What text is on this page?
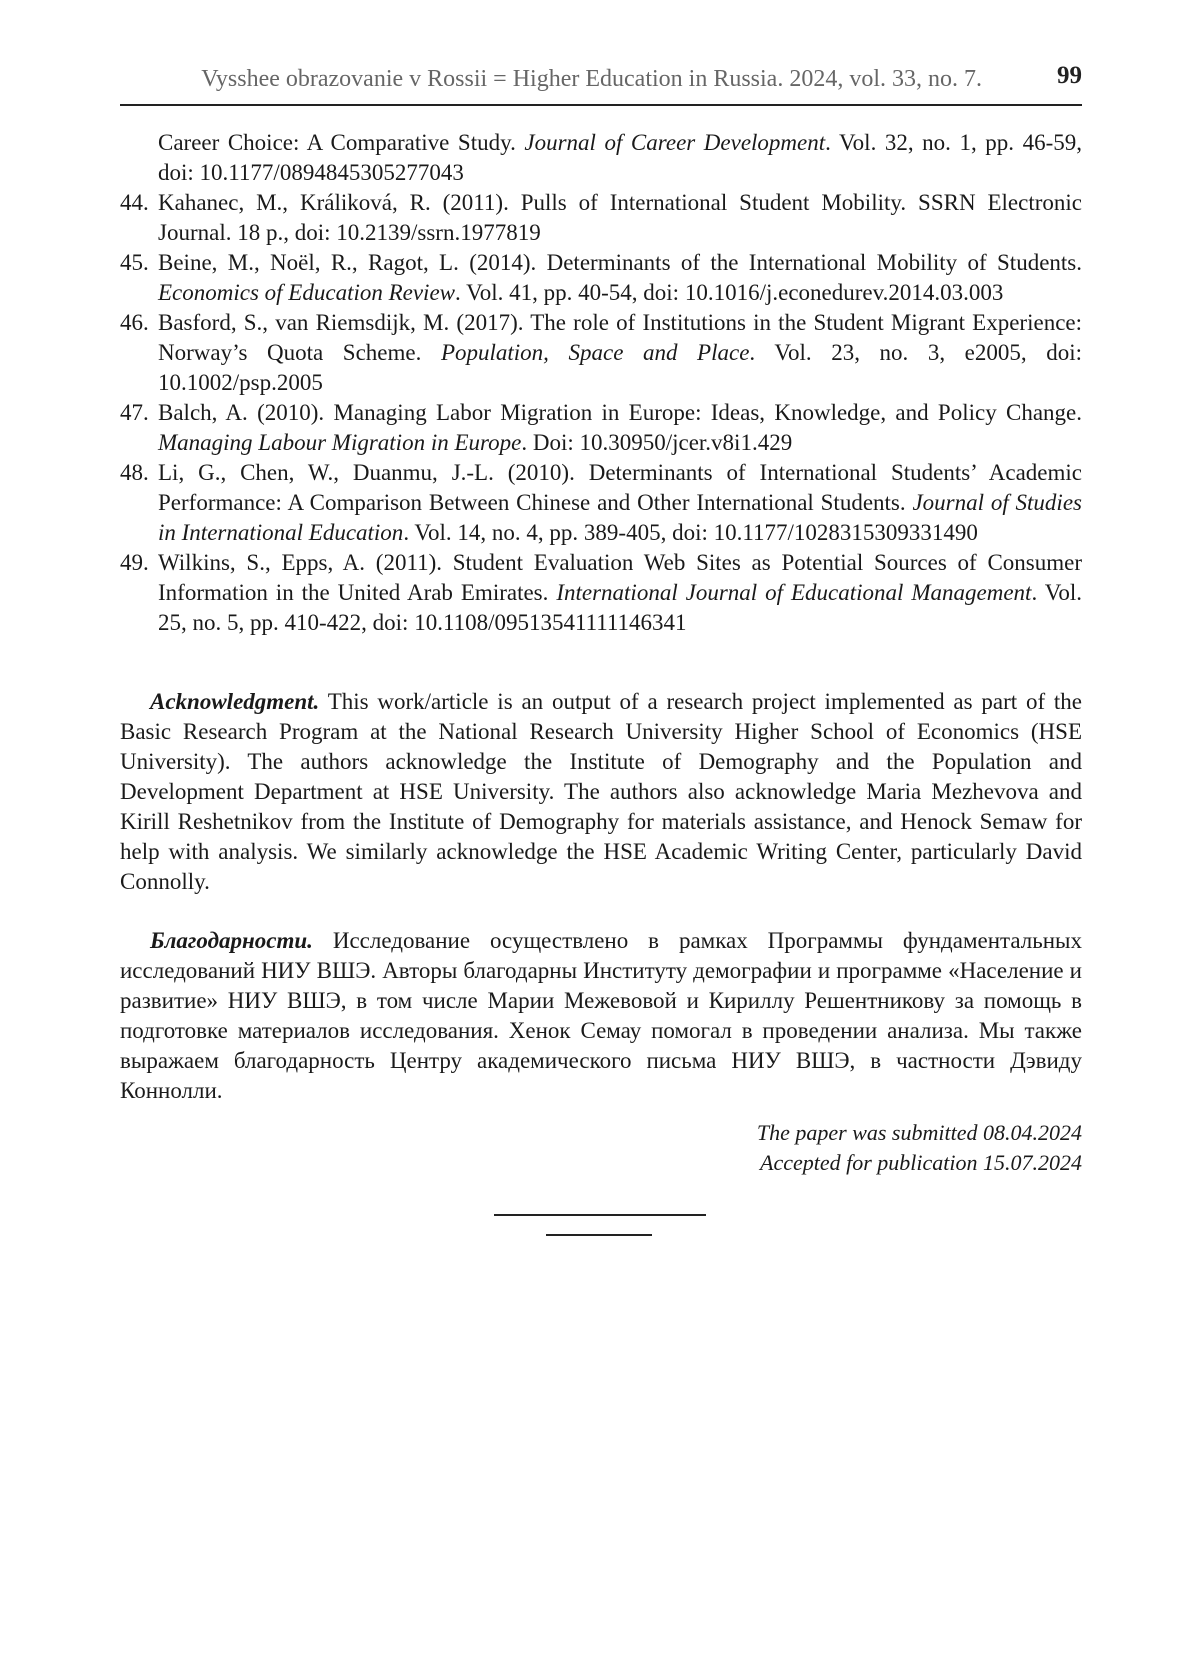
Vysshee obrazovanie v Rossii = Higher Education in Russia. 2024, vol. 33, no. 7.	99
Career Choice: A Comparative Study. Journal of Career Development. Vol. 32, no. 1, pp. 46-59, doi: 10.1177/0894845305277043
44. Kahanec, M., Králiková, R. (2011). Pulls of International Student Mobility. SSRN Electronic Journal. 18 p., doi: 10.2139/ssrn.1977819
45. Beine, M., Noël, R., Ragot, L. (2014). Determinants of the International Mobility of Students. Economics of Education Review. Vol. 41, pp. 40-54, doi: 10.1016/j.econedurev.2014.03.003
46. Basford, S., van Riemsdijk, M. (2017). The role of Institutions in the Student Migrant Experience: Norway’s Quota Scheme. Population, Space and Place. Vol. 23, no. 3, e2005, doi: 10.1002/psp.2005
47. Balch, A. (2010). Managing Labor Migration in Europe: Ideas, Knowledge, and Policy Change. Managing Labour Migration in Europe. Doi: 10.30950/jcer.v8i1.429
48. Li, G., Chen, W., Duanmu, J.-L. (2010). Determinants of International Students’ Academic Performance: A Comparison Between Chinese and Other International Students. Journal of Studies in International Education. Vol. 14, no. 4, pp. 389-405, doi: 10.1177/1028315309331490
49. Wilkins, S., Epps, A. (2011). Student Evaluation Web Sites as Potential Sources of Consumer Information in the United Arab Emirates. International Journal of Educational Management. Vol. 25, no. 5, pp. 410-422, doi: 10.1108/09513541111146341

Acknowledgment. This work/article is an output of a research project implemented as part of the Basic Research Program at the National Research University Higher School of Economics (HSE University). The authors acknowledge the Institute of Demography and the Population and Development Department at HSE University. The authors also acknowledge Maria Mezhevova and Kirill Reshetnikov from the Institute of Demography for materials assistance, and Henock Semaw for help with analysis. We similarly acknowledge the HSE Academic Writing Center, particularly David Connolly.

Благодарности. Исследование осуществлено в рамках Программы фундаментальных исследований НИУ ВШЭ. Авторы благодарны Институту демографии и программе «Население и развитие» НИУ ВШЭ, в том числе Марии Межевовой и Кириллу Решентникову за помощь в подготовке материалов исследования. Хенок Семау помогал в проведении анализа. Мы также выражаем благодарность Центру академического письма НИУ ВШЭ, в частности Дэвиду Коннолли.

The paper was submitted 08.04.2024
Accepted for publication 15.07.2024
